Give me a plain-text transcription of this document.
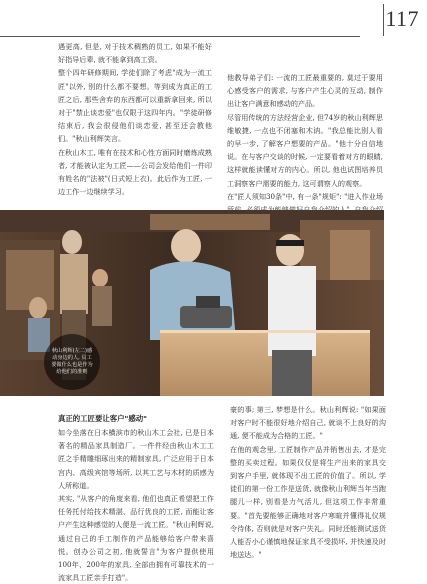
117

遇更高, 但是, 对于技术稠熟的员工, 如果不能好好指导后辈, 就不能拿到高工资。

整个四年研修期间, 学徒们除了考虑"成为一流工匠"以外, 别的什么都不要想。等到成为真正的工匠之后, 那些舍弃的东西都可以重新拿回来, 所以对于"禁止谈恋爱"也仅限于这四年内。"学徒研修结束后, 我会很侵他们谈恋爱, 甚至还会教他们。"秋山利辉笑言。

在秋山木工, 唯有在技术和心性方面同时磨炼成熟者, 才能被认定为工匠——公司会发给他们一件印有姓名的"法被"(日式短上衣)。此后作为工匠, 一边工作一边继续学习。

他教导弟子们: 一流的工匠最重要的, 莫过于要用心感受客户的需求, 与客户产生心灵的互动, 制作出让客户满意和感动的产品。

尽管用传统的方法经营企业, 但74岁的秋山利辉思维敏捷, 一点也不闭塞和木讷。"我总能比别人看的早一步, 了解客户想要的产品。"他十分自信地说。在与客户交谈的时候, 一定要看着对方的眼睛, 这样就能读懂对方的内心。所以, 他也试图培养员工洞察客户需要的能力, 这可谓察人的观察。

在"匠人须知30条"中, 有一条"规矩": "进入作业场

秋山利辉(左二)感动身边的人, 员工要做什么也是作为给他们的准则
真正的工匠要让客户"感动"

如今坐落在日本横滨市的秋山木工会社, 已是日本著名的精品家具制造厂。一件件经由秋山木工工匠之手精雕细琢出来的精制家具, 广泛应用于日本宫内、高级宾馆等场所, 以其工艺与木材的质感为人所称道。

其实, "从客户的角度来看, 他们也真正希望把工作任务托付给技术精湛、品行优良的工匠, 而能让客户产生这种感觉的人便是一流工匠。"秋山利辉说, 通过自己的手工制作的产品能够给客户带来喜悦。创办公司之初, 他就誓言"为客户提供使用100年、200年的家具, 全部由拥有可靠技术的一流家具工匠亲手打造"。

豪的事; 第三, 梦想是什么。秋山利辉说: "如果面对客户时不能很好地介绍自己, 就谈不上良好的沟通, 便不能成为合格的工匠。"

在他的观念里, 工匠制作产品并销售出去, 才是完整的买卖过程。如果仅仅是将生产出来的家具交到客户手里, 就体现不出工匠的价值了。所以, 学徒们的第一份工作是送货, 就像秋山利辉当年当跑腿儿一样, 别看是力气活儿, 但这项工作非常重要。"首先要能够正确地对客户寒暄并懂得礼仪规令待体, 否则就是对客户失礼。同时还能测试送货人能否小心谨慎地保证家具不受损坏, 并快速及时地送达。"
